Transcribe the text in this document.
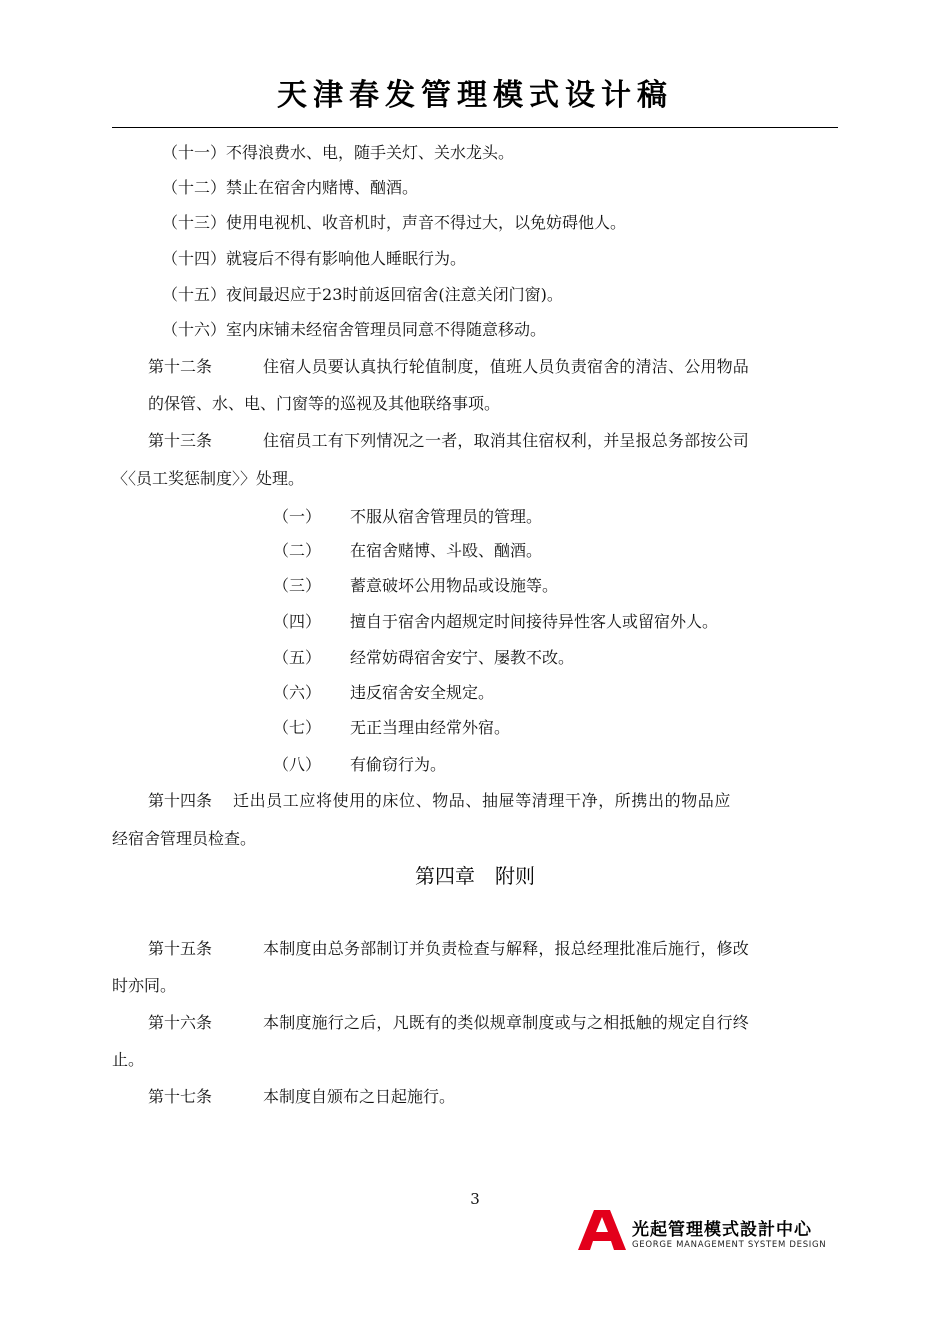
天津春发管理模式设计稿
（十一）不得浪费水、电，随手关灯、关水龙头。
（十二）禁止在宿舍内赌博、酗酒。
（十三）使用电视机、收音机时，声音不得过大，以免妨碍他人。
（十四）就寝后不得有影响他人睡眠行为。
（十五）夜间最迟应于23时前返回宿舍(注意关闭门窗)。
（十六）室内床铺未经宿舍管理员同意不得随意移动。
第十二条	住宿人员要认真执行轮值制度，值班人员负责宿舍的清洁、公用物品
的保管、水、电、门窗等的巡视及其他联络事项。
第十三条	住宿员工有下列情况之一者，取消其住宿权利，并呈报总务部按公司
〈〈员工奖惩制度〉〉处理。
（一） 不服从宿舍管理员的管理。
（二） 在宿舍赌博、斗殴、酗酒。
（三） 蓄意破坏公用物品或设施等。
（四） 擅自于宿舍内超规定时间接待异性客人或留宿外人。
（五） 经常妨碍宿舍安宁、屡教不改。
（六） 违反宿舍安全规定。
（七） 无正当理由经常外宿。
（八） 有偷窃行为。
第十四条 迁出员工应将使用的床位、物品、抽屉等清理干净，所携出的物品应
经宿舍管理员检查。
第四章　附则
第十五条	本制度由总务部制订并负责检查与解释，报总经理批准后施行，修改
时亦同。
第十六条	本制度施行之后，凡既有的类似规章制度或与之相抵触的规定自行终
止。
第十七条	本制度自颁布之日起施行。
3
光起管理模式設計中心
GEORGE MANAGEMENT SYSTEM DESIGN
